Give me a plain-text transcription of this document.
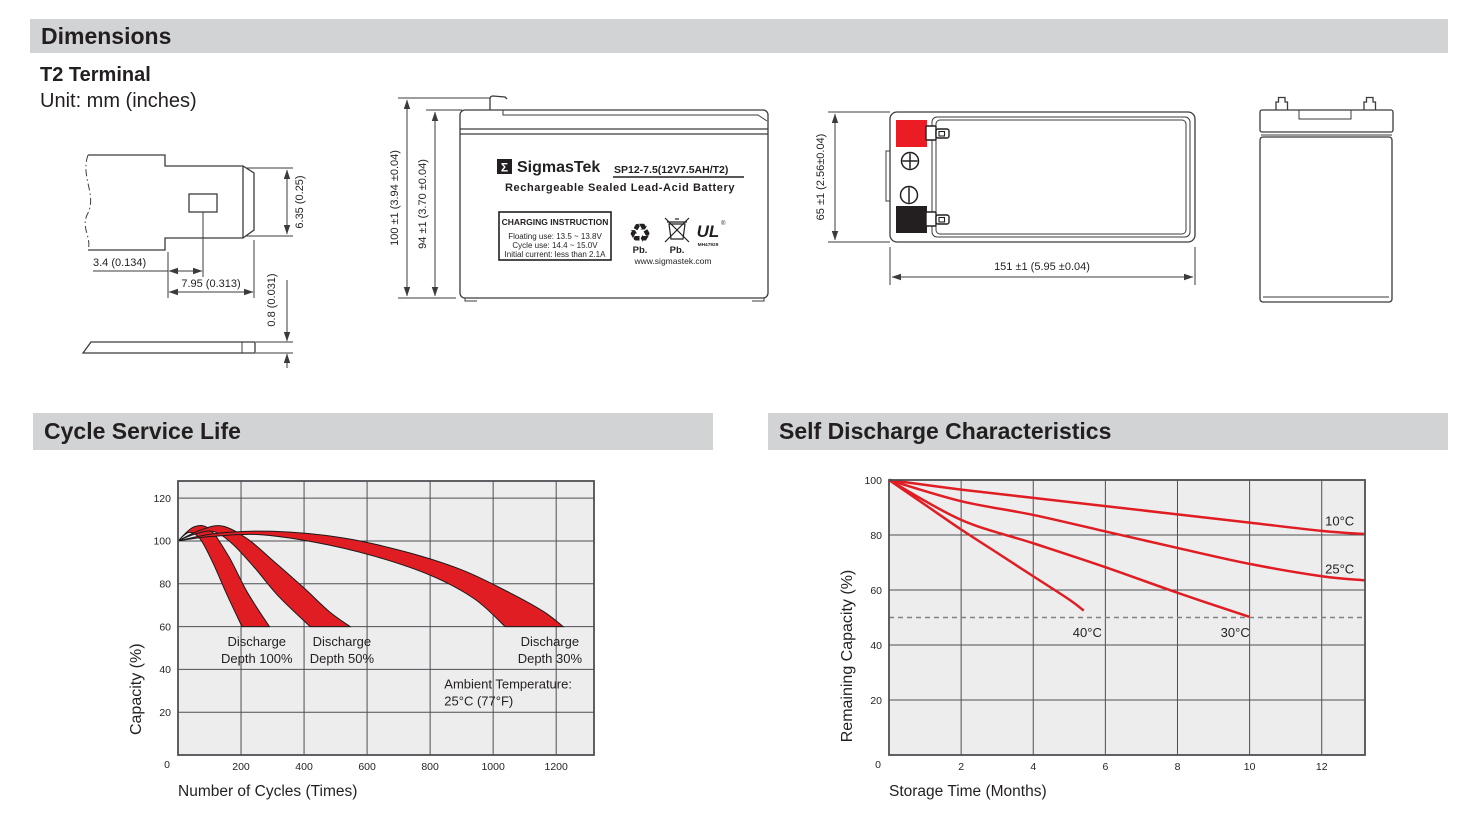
Dimensions
T2 Terminal
Unit: mm (inches)
3.4 (0.134)
7.95 (0.313)
6.35 (0.25)
0.8 (0.031)
100 ±1 (3.94 ±0.04) 94 ±1 (3.70 ±0.04)	Σ SigmasTek SP12-7.5(12V7.5AH/T2)
Rechargeable Sealed Lead-Acid Battery
CHARGING INSTRUCTION
Floating use: 13.5 ~ 13.8V
Cycle use: 14.4 ~ 15.0V
Initial current: less than 2.1A
♻
Pb. Pb.
UL ®
MH47929
www.sigmastek.com
65 ±1 (2.56±0.04)
151 ±1 (5.95 ±0.04)
Cycle Service Life	Self Discharge Characteristics
20
40
60
80
100
120
0	200	400	600	800	1000	1200
Discharge Depth 100%
Discharge Depth 50%
Discharge Depth 30%
Ambient Temperature: 25°C (77°F)
Number of Cycles (Times)
Capacity (%)	20
40
60
80
100
0	2	4	6	8	10	12
10°C
25°C
30°C
40°C
Storage Time (Months)
Remaining Capacity (%)
